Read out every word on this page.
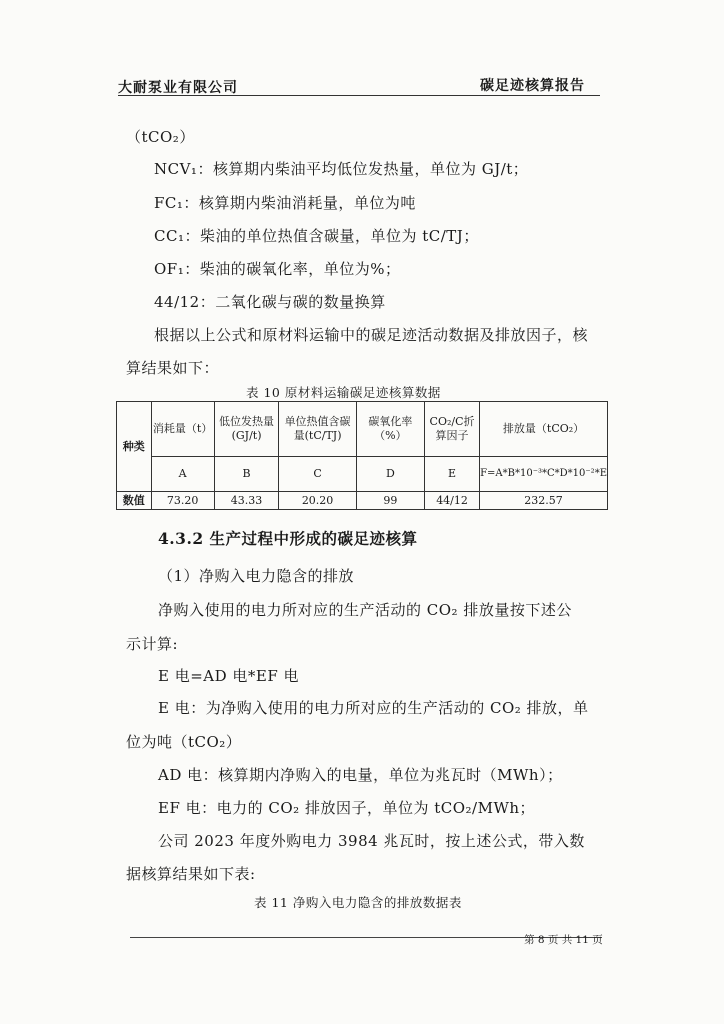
大耐泵业有限公司	碳足迹核算报告
（tCO₂）
NCV₁：核算期内柴油平均低位发热量，单位为 GJ/t；
FC₁：核算期内柴油消耗量，单位为吨
CC₁：柴油的单位热值含碳量，单位为 tC/TJ；
OF₁：柴油的碳氧化率，单位为%；
44/12：二氧化碳与碳的数量换算
根据以上公式和原材料运输中的碳足迹活动数据及排放因子，核
算结果如下：
表 10 原材料运输碳足迹核算数据
种类	消耗量（t）	低位发热量(GJ/t)	单位热值含碳量(tC/TJ)	碳氧化率（%）	CO₂/C折算因子	排放量（tCO₂）
	A	B	C	D	E	F=A*B*10⁻³*C*D*10⁻²*E
数值	73.20	43.33	20.20	99	44/12	232.57
4.3.2 生产过程中形成的碳足迹核算
（1）净购入电力隐含的排放
净购入使用的电力所对应的生产活动的 CO₂ 排放量按下述公
示计算:
E 电=AD 电*EF 电
E 电：为净购入使用的电力所对应的生产活动的 CO₂ 排放，单
位为吨（tCO₂）
AD 电：核算期内净购入的电量，单位为兆瓦时（MWh）；
EF 电：电力的 CO₂ 排放因子，单位为 tCO₂/MWh；
公司 2023 年度外购电力 3984 兆瓦时，按上述公式，带入数
据核算结果如下表:
表 11 净购入电力隐含的排放数据表
第 8 页 共 11 页
